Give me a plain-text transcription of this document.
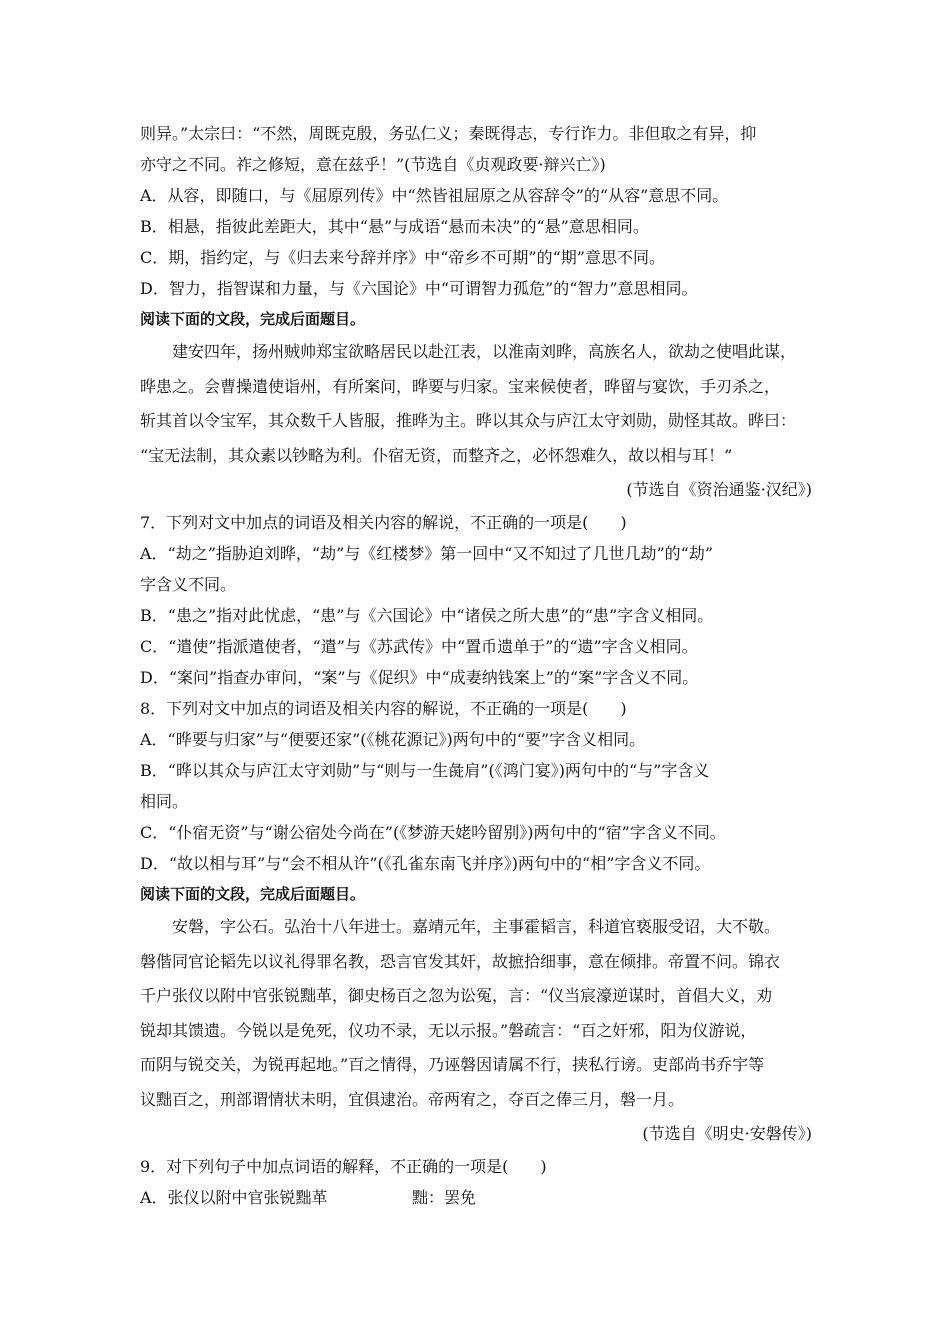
则异。”太宗曰：“不然，周既克殷，务弘仁义；秦既得志，专行诈力。非但取之有异，抑
亦守之不同。祚之修短，意在兹乎！”(节选自《贞观政要·辩兴亡》)
A．从容，即随口，与《屈原列传》中“然皆祖屈原之从容辞令”的“从容”意思不同。
B．相悬，指彼此差距大，其中“悬”与成语“悬而未决”的“悬”意思相同。
C．期，指约定，与《归去来兮辞并序》中“帝乡不可期”的“期”意思不同。
D．智力，指智谋和力量，与《六国论》中“可谓智力孤危”的“智力”意思相同。
阅读下面的文段，完成后面题目。
建安四年，扬州贼帅郑宝欲略居民以赴江表，以淮南刘晔，高族名人，欲劫之使唱此谋，
晔患之。会曹操遣使诣州，有所案问，晔要与归家。宝来候使者，晔留与宴饮，手刃杀之，
斩其首以令宝军，其众数千人皆服，推晔为主。晔以其众与庐江太守刘勋，勋怪其故。晔曰：
“宝无法制，其众素以钞略为利。仆宿无资，而整齐之，必怀怨难久，故以相与耳！”
(节选自《资治通鉴·汉纪》)
7．下列对文中加点的词语及相关内容的解说，不正确的一项是(　　)
A．“劫之”指胁迫刘晔，“劫”与《红楼梦》第一回中“又不知过了几世几劫”的“劫”
字含义不同。
B．“患之”指对此忧虑，“患”与《六国论》中“诸侯之所大患”的“患”字含义相同。
C．“遣使”指派遣使者，“遣”与《苏武传》中“置币遗单于”的“遗”字含义相同。
D．“案问”指查办审问，“案”与《促织》中“成妻纳钱案上”的“案”字含义不同。
8．下列对文中加点的词语及相关内容的解说，不正确的一项是(　　)
A．“晔要与归家”与“便要还家”(《桃花源记》)两句中的“要”字含义相同。
B．“晔以其众与庐江太守刘勋”与“则与一生彘肩”(《鸿门宴》)两句中的“与”字含义
相同。
C．“仆宿无资”与“谢公宿处今尚在”(《梦游天姥吟留别》)两句中的“宿”字含义不同。
D．“故以相与耳”与“会不相从许”(《孔雀东南飞并序》)两句中的“相”字含义不同。
阅读下面的文段，完成后面题目。
安磐，字公石。弘治十八年进士。嘉靖元年，主事霍韬言，科道官亵服受诏，大不敬。
磐偕同官论韬先以议礼得罪名教，恐言官发其奸，故摭拾细事，意在倾排。帝置不问。锦衣
千户张仪以附中官张锐黜革，御史杨百之忽为讼冤，言：“仪当宸濠逆谋时，首倡大义，劝
锐却其馈遗。今锐以是免死，仪功不录，无以示报。”磐疏言：“百之奸邪，阳为仪游说，
而阴与锐交关，为锐再起地。”百之情得，乃诬磐因请属不行，挟私行谤。吏部尚书乔宇等
议黜百之，刑部谓情状未明，宜俱逮治。帝两宥之，夺百之俸三月，磐一月。
(节选自《明史·安磐传》)
9．对下列句子中加点词语的解释，不正确的一项是(　　)
A．张仪以附中官张锐黜革	黜：罢免
